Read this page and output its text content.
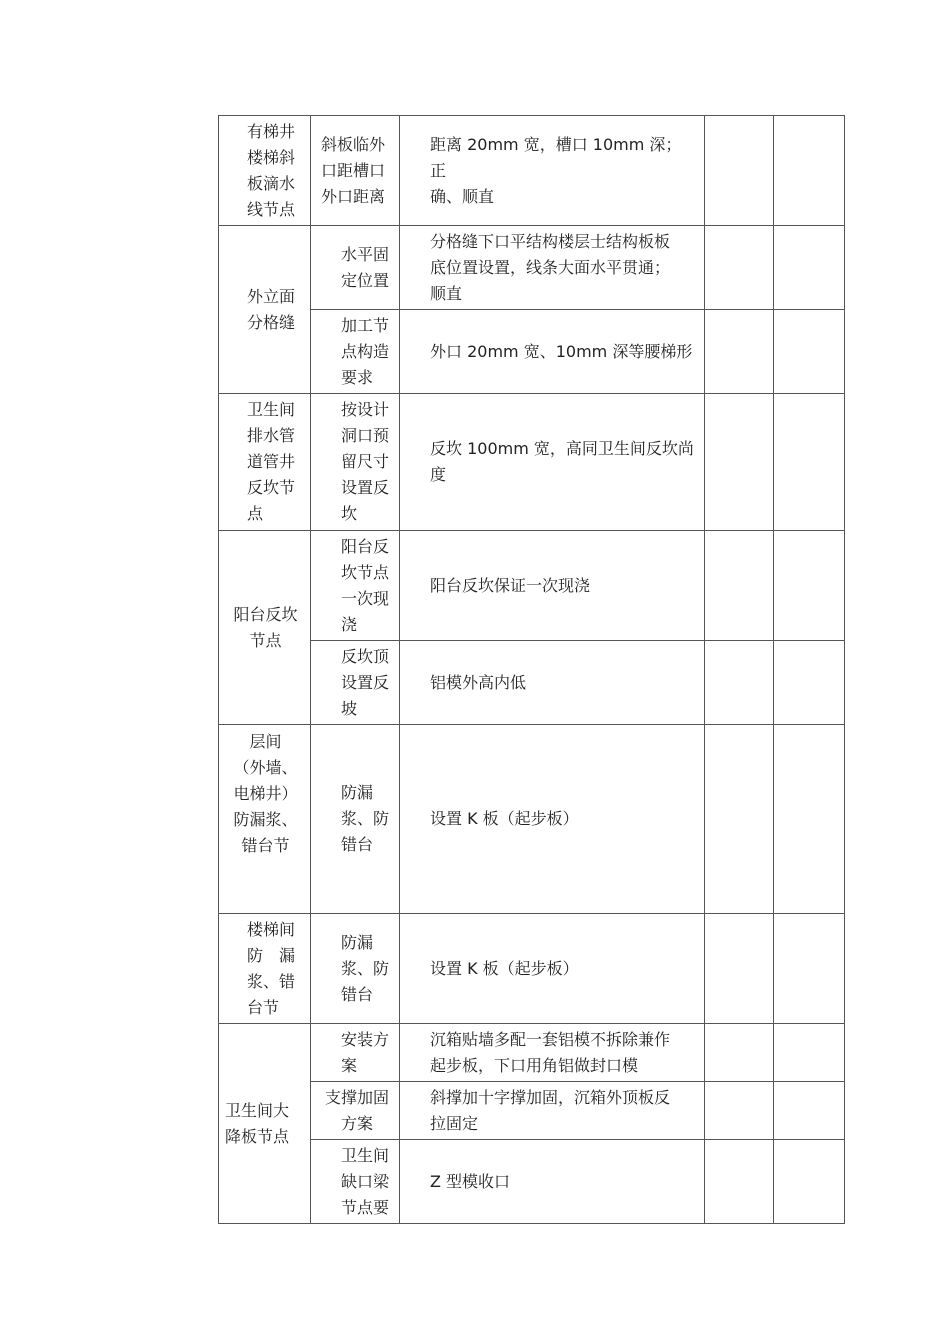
有梯井
楼梯斜
板滴水
线节点	斜板临外
口距槽口
外口距离	距离 20mm 宽，槽口 10mm 深；正
确、顺直		

外立面
分格缝	水平固
定位置	分格缝下口平结构楼层士结构板板
底位置设置，线条大面水平贯通；
顺直		

	加工节
点构造
要求	外口 20mm 宽、10mm 深等腰梯形		

卫生间
排水管
道管井
反坎节
点	按设计
洞口预
留尺寸
设置反
坎	反坎 100mm 宽，高同卫生间反坎尚
度		

阳台反坎
节点	阳台反
坎节点
一次现
浇	阳台反坎保证一次现浇		

	反坎顶
设置反
坡	铝模外高内低		

层间
（外墙、
电梯井）
防漏浆、
错台节	防漏
浆、防
错台	设置 K 板（起步板）		

楼梯间
防　漏
浆、错
台节	防漏
浆、防
错台	设置 K 板（起步板）		

卫生间大
降板节点	安装方
案	沉箱贴墙多配一套铝模不拆除兼作
起步板，下口用角铝做封口模		

	支撑加固
方案	斜撑加十字撑加固，沉箱外顶板反
拉固定		

	卫生间
缺口梁
节点要	Z 型模收口		
